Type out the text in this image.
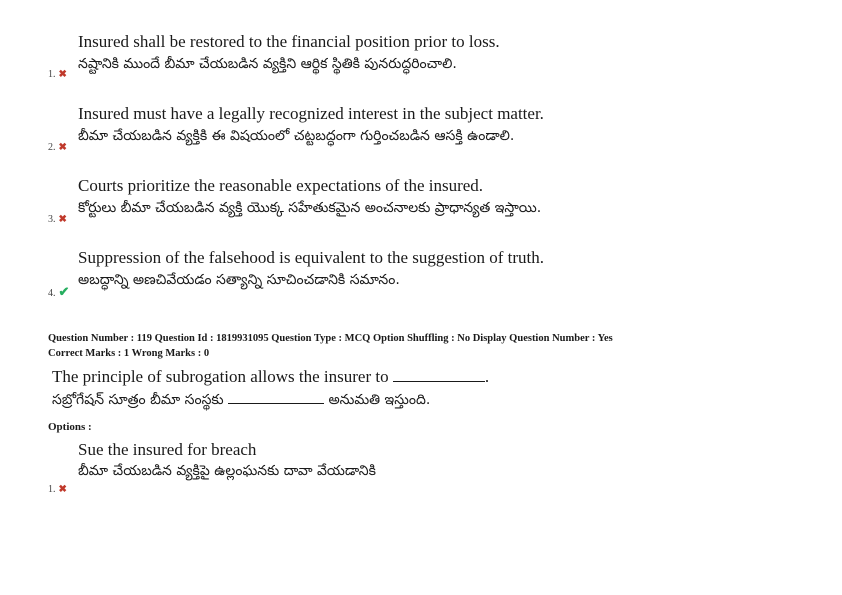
Insured shall be restored to the financial position prior to loss.
నష్టానికి ముందే బీమా చేయబడిన వ్యక్తిని ఆర్థిక స్థితికి పునరుద్ధరించాలి.
1. ✖
Insured must have a legally recognized interest in the subject matter.
బీమా చేయబడిన వ్యక్తికి ఈ విషయంలో చట్టబద్ధంగా గుర్తించబడిన ఆసక్తి ఉండాలి.
2. ✖
Courts prioritize the reasonable expectations of the insured.
కోర్టులు బీమా చేయబడిన వ్యక్తి యొక్క సహేతుకమైన అంచనాలకు ప్రాధాన్యత ఇస్తాయి.
3. ✖
Suppression of the falsehood is equivalent to the suggestion of truth.
అబద్ధాన్ని అణచివేయడం సత్యాన్ని సూచించడానికి సమానం.
4. ✔
Question Number : 119 Question Id : 1819931095 Question Type : MCQ Option Shuffling : No Display Question Number : Yes
Correct Marks : 1 Wrong Marks : 0
The principle of subrogation allows the insurer to	.
సబ్రోగేషన్ సూత్రం బీమా సంస్థకు	అనుమతి ఇస్తుంది.
Options :
Sue the insured for breach
బీమా చేయబడిన వ్యక్తిపై ఉల్లంఘనకు దావా వేయడానికి
1. ✖
